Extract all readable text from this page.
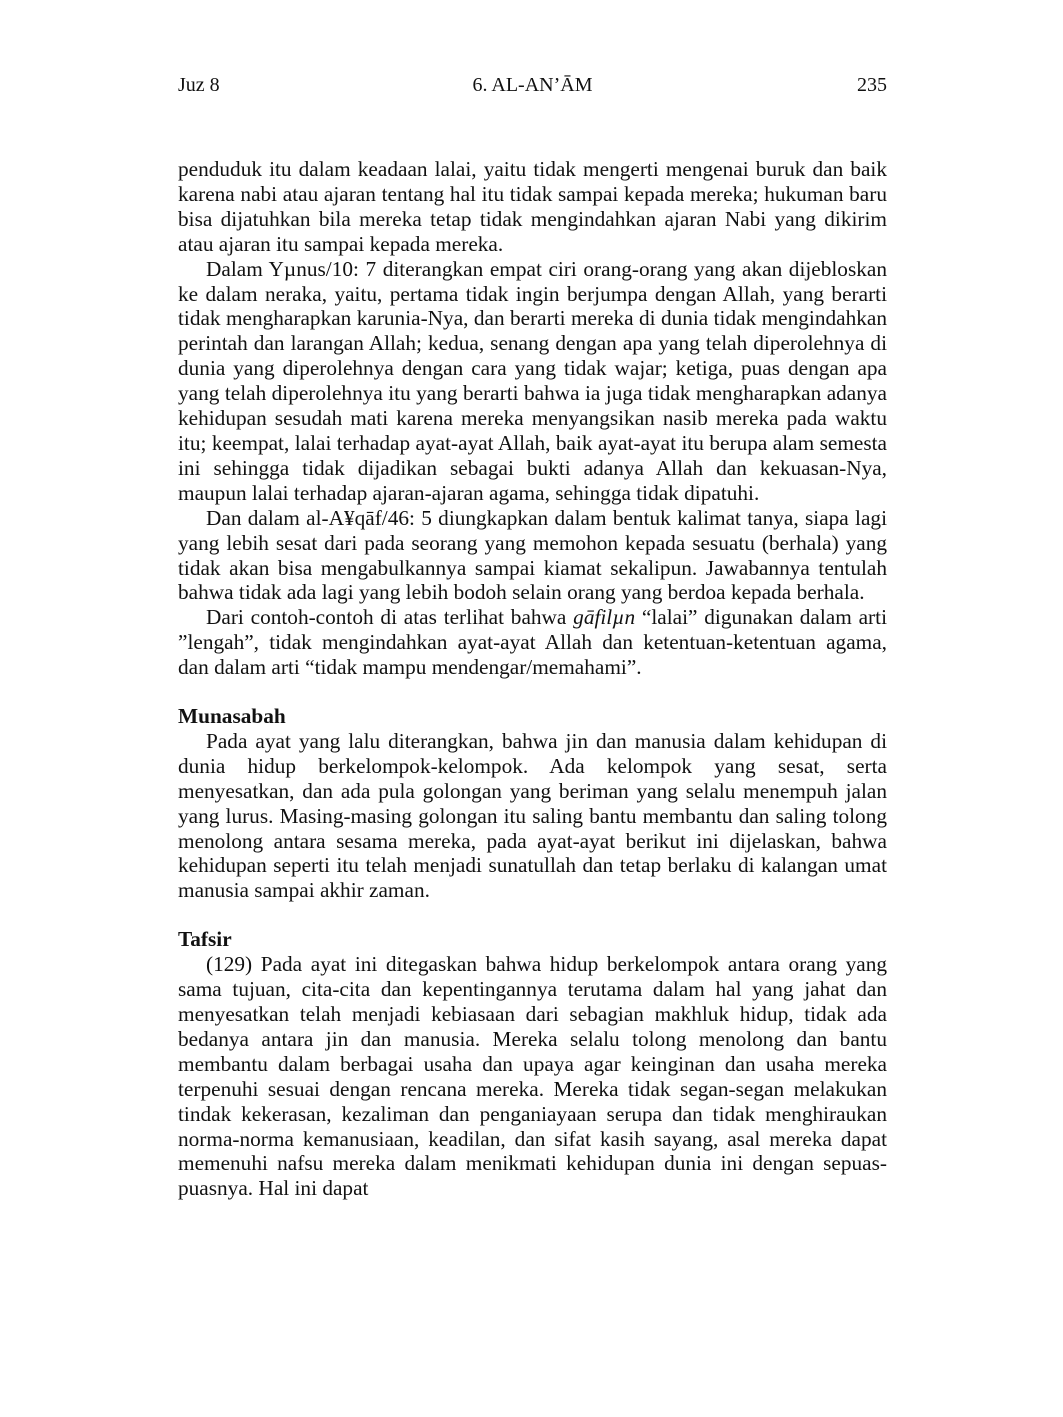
Juz 8	6. AL-AN’ĀM	235

penduduk itu dalam keadaan lalai, yaitu tidak mengerti mengenai buruk dan baik karena nabi atau ajaran tentang hal itu tidak sampai kepada mereka; hukuman baru bisa dijatuhkan bila mereka tetap tidak mengindahkan ajaran Nabi yang dikirim atau ajaran itu sampai kepada mereka.

Dalam Yµnus/10: 7 diterangkan empat ciri orang-orang yang akan dijebloskan ke dalam neraka, yaitu, pertama tidak ingin berjumpa dengan Allah, yang berarti tidak mengharapkan karunia-Nya, dan berarti mereka di dunia tidak mengindahkan perintah dan larangan Allah; kedua, senang dengan apa yang telah diperolehnya di dunia yang diperolehnya dengan cara yang tidak wajar; ketiga, puas dengan apa yang telah diperolehnya itu yang berarti bahwa ia juga tidak mengharapkan adanya kehidupan sesudah mati karena mereka menyangsikan nasib mereka pada waktu itu; keempat, lalai terhadap ayat-ayat Allah, baik ayat-ayat itu berupa alam semesta ini sehingga tidak dijadikan sebagai bukti adanya Allah dan kekuasan-Nya, maupun lalai terhadap ajaran-ajaran agama, sehingga tidak dipatuhi.

Dan dalam al-A¥qāf/46: 5 diungkapkan dalam bentuk kalimat tanya, siapa lagi yang lebih sesat dari pada seorang yang memohon kepada sesuatu (berhala) yang tidak akan bisa mengabulkannya sampai kiamat sekalipun. Jawabannya tentulah bahwa tidak ada lagi yang lebih bodoh selain orang yang berdoa kepada berhala.

Dari contoh-contoh di atas terlihat bahwa gāfilµn “lalai” digunakan dalam arti ”lengah”, tidak mengindahkan ayat-ayat Allah dan ketentuan-ketentuan agama, dan dalam arti “tidak mampu mendengar/memahami”.

Munasabah

Pada ayat yang lalu diterangkan, bahwa jin dan manusia dalam kehidupan di dunia hidup berkelompok-kelompok. Ada kelompok yang sesat, serta menyesatkan, dan ada pula golongan yang beriman yang selalu menempuh jalan yang lurus. Masing-masing golongan itu saling bantu membantu dan saling tolong menolong antara sesama mereka, pada ayat-ayat berikut ini dijelaskan, bahwa kehidupan seperti itu telah menjadi sunatullah dan tetap berlaku di kalangan umat manusia sampai akhir zaman.

Tafsir

(129) Pada ayat ini ditegaskan bahwa hidup berkelompok antara orang yang sama tujuan, cita-cita dan kepentingannya terutama dalam hal yang jahat dan menyesatkan telah menjadi kebiasaan dari sebagian makhluk hidup, tidak ada bedanya antara jin dan manusia. Mereka selalu tolong menolong dan bantu membantu dalam berbagai usaha dan upaya agar keinginan dan usaha mereka terpenuhi sesuai dengan rencana mereka. Mereka tidak segan-segan melakukan tindak kekerasan, kezaliman dan penganiayaan serupa dan tidak menghiraukan norma-norma kemanusiaan, keadilan, dan sifat kasih sayang, asal mereka dapat memenuhi nafsu mereka dalam menikmati kehidupan dunia ini dengan sepuas-puasnya. Hal ini dapat
